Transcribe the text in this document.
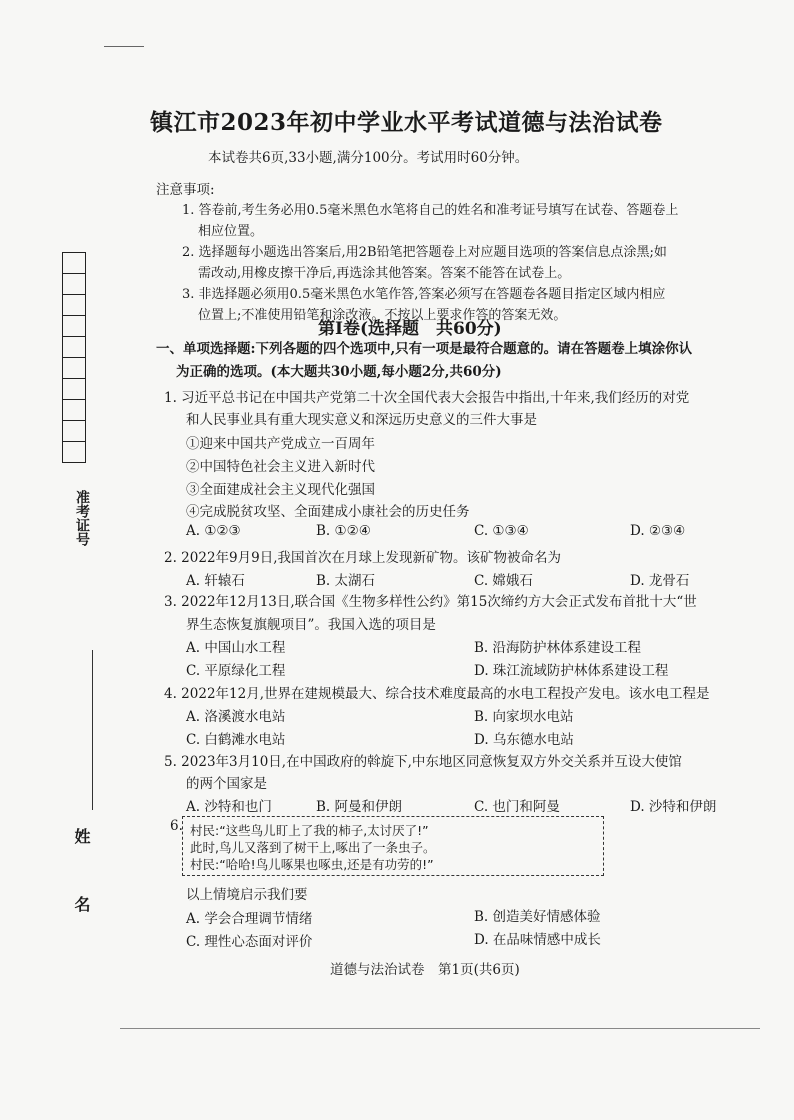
准考证号
姓　名
镇江市2023年初中学业水平考试道德与法治试卷
本试卷共6页,33小题,满分100分。考试用时60分钟。
注意事项:
1. 答卷前,考生务必用0.5毫米黑色水笔将自己的姓名和准考证号填写在试卷、答题卷上
相应位置。
2. 选择题每小题选出答案后,用2B铅笔把答题卷上对应题目选项的答案信息点涂黑;如
需改动,用橡皮擦干净后,再选涂其他答案。答案不能答在试卷上。
3. 非选择题必须用0.5毫米黑色水笔作答,答案必须写在答题卷各题目指定区域内相应
位置上;不准使用铅笔和涂改液。不按以上要求作答的答案无效。
第Ⅰ卷(选择题　共60分)
一、单项选择题:下列各题的四个选项中,只有一项是最符合题意的。请在答题卷上填涂你认
为正确的选项。(本大题共30小题,每小题2分,共60分)
1. 习近平总书记在中国共产党第二十次全国代表大会报告中指出,十年来,我们经历的对党
和人民事业具有重大现实意义和深远历史意义的三件大事是
①迎来中国共产党成立一百周年
②中国特色社会主义进入新时代
③全面建成社会主义现代化强国
④完成脱贫攻坚、全面建成小康社会的历史任务
A. ①②③	B. ①②④	C. ①③④	D. ②③④
2. 2022年9月9日,我国首次在月球上发现新矿物。该矿物被命名为
A. 轩辕石	B. 太湖石	C. 嫦娥石	D. 龙骨石
3. 2022年12月13日,联合国《生物多样性公约》第15次缔约方大会正式发布首批十大“世
界生态恢复旗舰项目”。我国入选的项目是
A. 中国山水工程	B. 沿海防护林体系建设工程
C. 平原绿化工程	D. 珠江流域防护林体系建设工程
4. 2022年12月,世界在建规模最大、综合技术难度最高的水电工程投产发电。该水电工程是
A. 洛溪渡水电站	B. 向家坝水电站
C. 白鹤滩水电站	D. 乌东德水电站
5. 2023年3月10日,在中国政府的斡旋下,中东地区同意恢复双方外交关系并互设大使馆
的两个国家是
A. 沙特和也门	B. 阿曼和伊朗	C. 也门和阿曼	D. 沙特和伊朗
6. 村民:“这些鸟儿盯上了我的柿子,太讨厌了!”
此时,鸟儿又落到了树干上,啄出了一条虫子。
村民:“哈哈!鸟儿啄果也啄虫,还是有功劳的!”
以上情境启示我们要
A. 学会合理调节情绪	B. 创造美好情感体验
C. 理性心态面对评价	D. 在品味情感中成长
道德与法治试卷　第1页(共6页)
